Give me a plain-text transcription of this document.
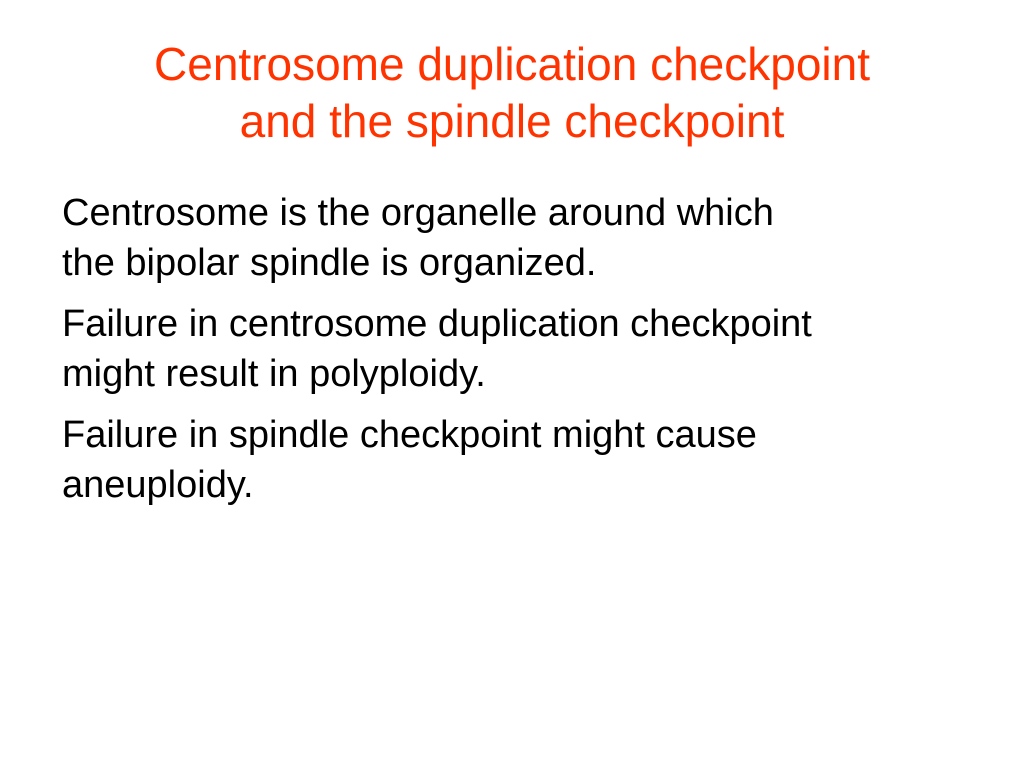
Centrosome duplication checkpoint
and the spindle checkpoint

Centrosome is the organelle around which
the bipolar spindle is organized.

Failure in centrosome duplication checkpoint
might result in polyploidy.

Failure in spindle checkpoint might cause
aneuploidy.
